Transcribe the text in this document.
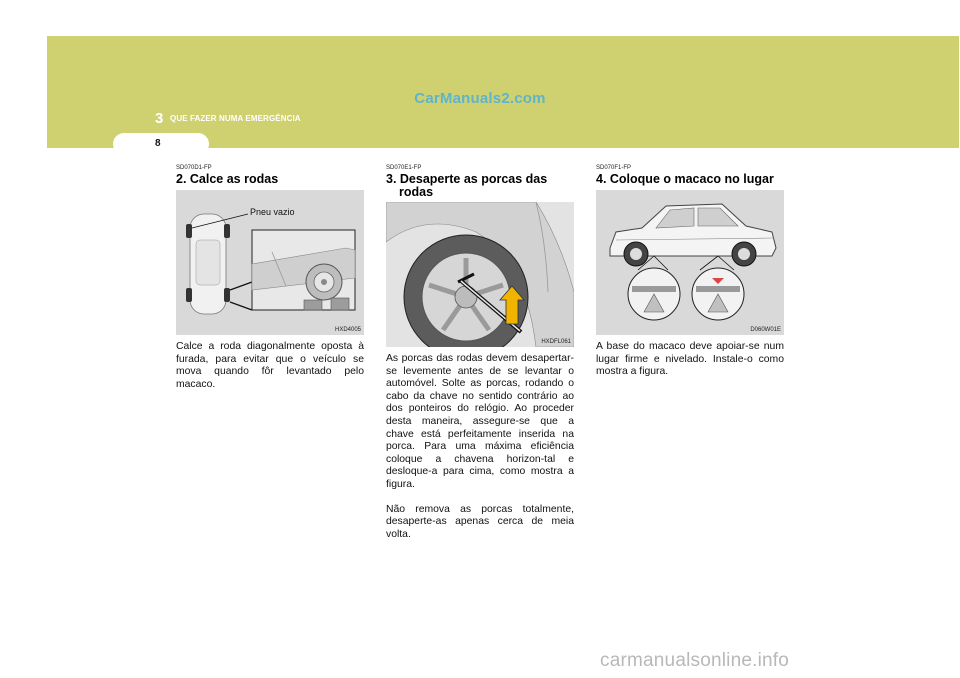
CarManuals2.com
3 QUE FAZER NUMA EMERGÊNCIA
8
SD070D1-FP
2. Calce as rodas
Pneu vazio
HXD4005

Calce a roda diagonalmente oposta à furada, para evitar que o veículo se mova quando fôr levantado pelo macaco.

SD070E1-FP
3. Desaperte as porcas das
rodas
HXDFL061

As porcas das rodas devem desapertar-se levemente antes de se levantar o automóvel. Solte as porcas, rodando o cabo da chave no sentido contrário ao dos ponteiros do relógio. Ao proceder desta maneira, assegure-se que a chave está perfeitamente inserida na porca. Para uma máxima eficiência coloque a chavena horizon-tal e desloque-a para cima, como mostra a figura.

Não remova as porcas totalmente, desaperte-as apenas cerca de meia volta.

SD070F1-FP
4. Coloque o macaco no lugar
D060W01E

A base do macaco deve apoiar-se num lugar firme e nivelado. Instale-o como mostra a figura.

carmanualsonline.info
